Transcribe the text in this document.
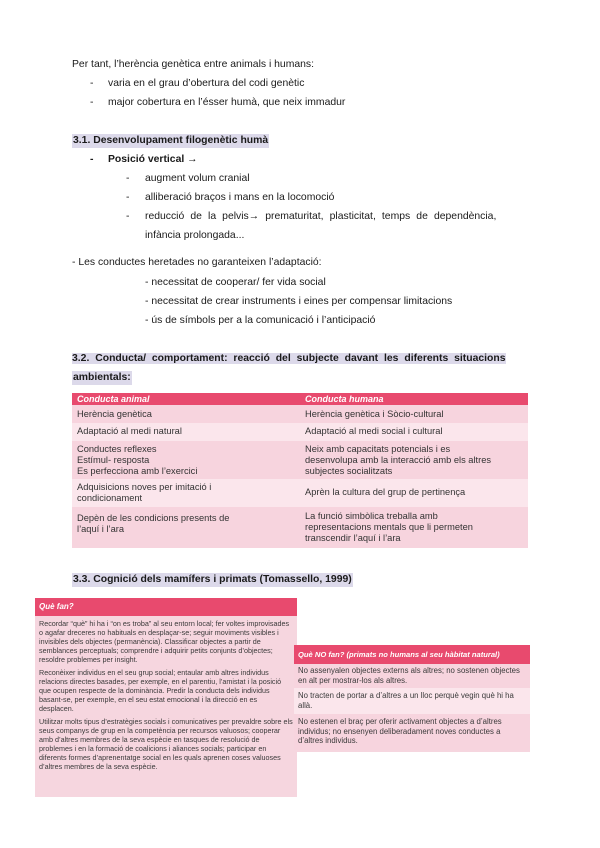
Per tant, l’herència genètica entre animals i humans:
- varia en el grau d’obertura del codi genètic
- major cobertura en l’ésser humà, que neix immadur
3.1. Desenvolupament filogenètic humà
- Posició vertical →
- augment volum cranial
- alliberació braços i mans en la locomoció
- reducció de la pelvis→ prematuritat, plasticitat, temps de dependència,
infància prolongada...
- Les conductes heretades no garanteixen l’adaptació:
- necessitat de cooperar/ fer vida social
- necessitat de crear instruments i eines per compensar limitacions
- ús de símbols per a la comunicació i l’anticipació
3.2. Conducta/ comportament: reacció del subjecte davant les diferents situacions
ambientals:
Conducta animal	Conducta humana
Herència genètica	Herència genètica i Sòcio-cultural
Adaptació al medi natural	Adaptació al medi social i cultural
Conductes reflexes
Estímul- resposta
Es perfecciona amb l’exercici	Neix amb capacitats potencials i es
desenvolupa amb la interacció amb els altres
subjectes socialitzats
Adquisicions noves per imitació i
condicionament	Aprèn la cultura del grup de pertinença
Depèn de les condicions presents de
l’aquí i l’ara	La funció simbòlica treballa amb
representacions mentals que li permeten
transcendir l’aquí i l’ara
3.3. Cognició dels mamífers i primats (Tomassello, 1999)
Què fan?
Recordar “què” hi ha i “on es troba” al seu entorn local; fer voltes improvisades o agafar dreceres no habituals en desplaçar-se; seguir moviments visibles i invisibles dels objectes (permanència). Classificar objectes a partir de semblances perceptuals; comprendre i adquirir petits conjunts d’objectes; resoldre problemes per insight.
Reconèixer individus en el seu grup social; entaular amb altres individus relacions directes basades, per exemple, en el parentiu, l’amistat i la posició que ocupen respecte de la dominància. Predir la conducta dels individus basant-se, per exemple, en el seu estat emocional i la direcció en es desplacen.
Utilitzar molts tipus d’estratègies socials i comunicatives per prevaldre sobre els seus companys de grup en la competència per recursos valuosos; cooperar amb d’altres membres de la seva espècie en tasques de resolució de problemes i en la formació de coalicions i aliances socials; participar en diferents formes d’aprenentatge social en les quals aprenen coses valuoses d’altres membres de la seva espècie.
Què NO fan? (primats no humans al seu hàbitat natural)
No assenyalen objectes externs als altres; no sostenen objectes en alt per mostrar-los als altres.
No tracten de portar a d’altres a un lloc perquè vegin què hi ha allà.
No estenen el braç per oferir activament objectes a d’altres individus; no ensenyen deliberadament noves conductes a d’altres individus.
